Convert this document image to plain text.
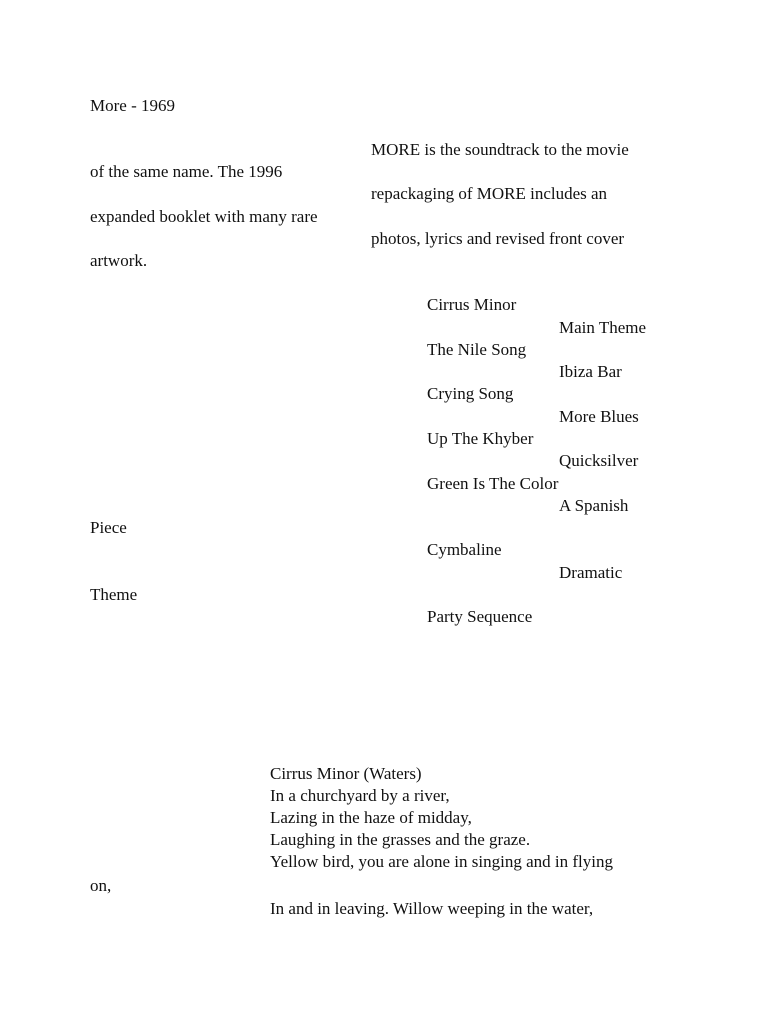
More - 1969
MORE is the soundtrack to the movie
of the same name. The 1996
repackaging of MORE includes an
expanded booklet with many rare
photos, lyrics and revised front cover
artwork.
Cirrus Minor
Main Theme
The Nile Song
Ibiza Bar
Crying Song
More Blues
Up The Khyber
Quicksilver
Green Is The Color
A Spanish
Piece
Cymbaline
Dramatic
Theme
Party Sequence
Cirrus Minor (Waters)
In a churchyard by a river,
Lazing in the haze of midday,
Laughing in the grasses and the graze.
Yellow bird, you are alone in singing and in flying
on,
In and in leaving. Willow weeping in the water,
